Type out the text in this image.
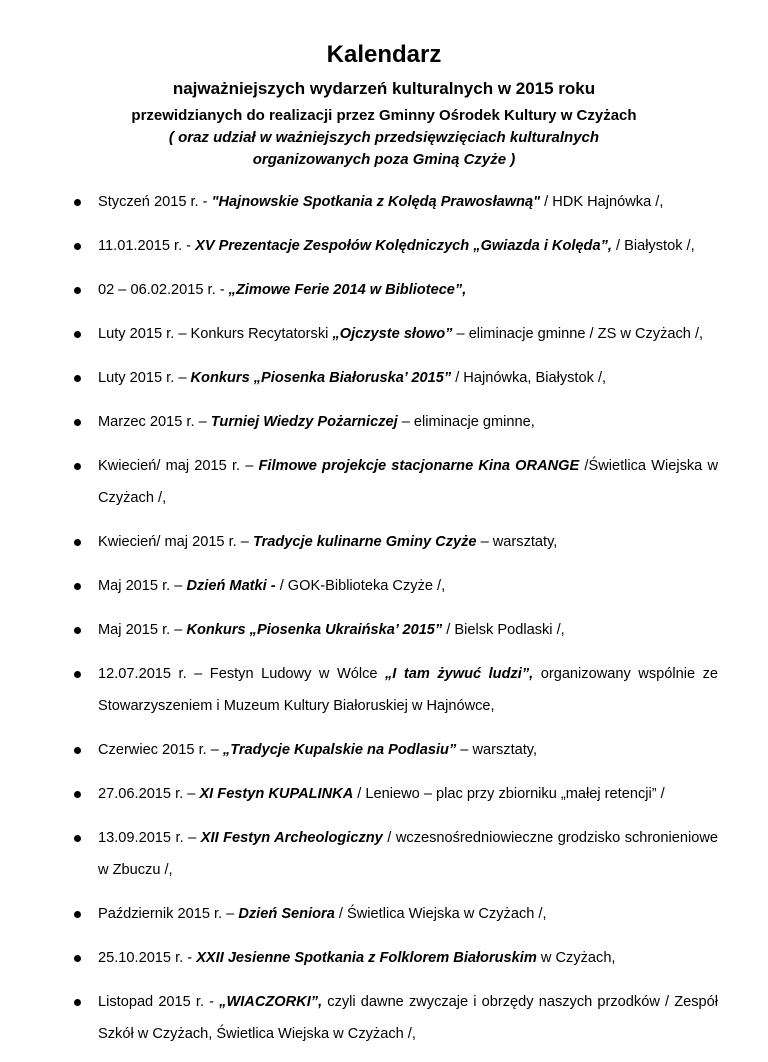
Kalendarz

najważniejszych wydarzeń kulturalnych w 2015 roku

przewidzianych do realizacji przez Gminny Ośrodek Kultury w Czyżach

( oraz udział w ważniejszych przedsięwzięciach kulturalnych

organizowanych poza Gminą Czyże )

Styczeń 2015 r. - "Hajnowskie Spotkania z Kolędą Prawosławną" / HDK Hajnówka /,
11.01.2015 r. - XV Prezentacje Zespołów Kolędniczych „Gwiazda i Kolęda”, / Białystok /,
02 – 06.02.2015 r. - „Zimowe Ferie 2014 w Bibliotece”,
Luty 2015 r. – Konkurs Recytatorski „Ojczyste słowo” – eliminacje gminne / ZS w Czyżach /,
Luty 2015 r. – Konkurs „Piosenka Białoruska’ 2015” / Hajnówka, Białystok /,
Marzec 2015 r. – Turniej Wiedzy Pożarniczej – eliminacje gminne,
Kwiecień/ maj 2015 r. – Filmowe projekcje stacjonarne Kina ORANGE /Świetlica Wiejska w Czyżach /,
Kwiecień/ maj 2015 r. – Tradycje kulinarne Gminy Czyże – warsztaty,
Maj 2015 r. – Dzień Matki - / GOK-Biblioteka Czyże /,
Maj 2015 r. – Konkurs „Piosenka Ukraińska’ 2015” / Bielsk Podlaski /,
12.07.2015 r. – Festyn Ludowy w Wólce „I tam żywuć ludzi”, organizowany wspólnie ze Stowarzyszeniem i Muzeum Kultury Białoruskiej w Hajnówce,
Czerwiec 2015 r. – „Tradycje Kupalskie na Podlasiu” – warsztaty,
27.06.2015 r. – XI Festyn KUPALINKA / Leniewo – plac przy zbiorniku „małej retencji” /
13.09.2015 r. – XII Festyn Archeologiczny / wczesnośredniowieczne grodzisko schronieniowe w Zbuczu /,
Październik 2015 r. – Dzień Seniora / Świetlica Wiejska w Czyżach /,
25.10.2015 r. - XXII Jesienne Spotkania z Folklorem Białoruskim w Czyżach,
Listopad 2015 r. - „WIACZORKI”, czyli dawne zwyczaje i obrzędy naszych przodków / Zespół Szkół w Czyżach, Świetlica Wiejska w Czyżach /,
